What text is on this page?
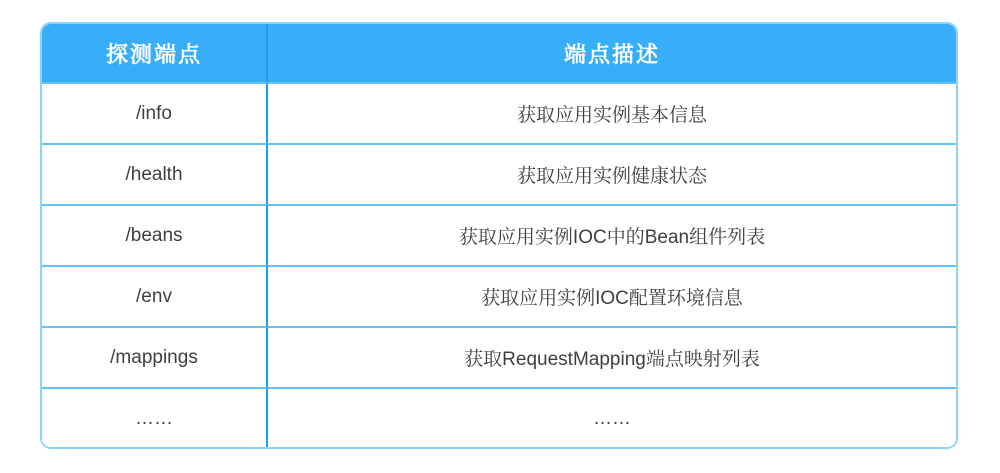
探测端点	端点描述
/info	获取应用实例基本信息
/health	获取应用实例健康状态
/beans	获取应用实例IOC中的Bean组件列表
/env	获取应用实例IOC配置环境信息
/mappings	获取RequestMapping端点映射列表
……	……
